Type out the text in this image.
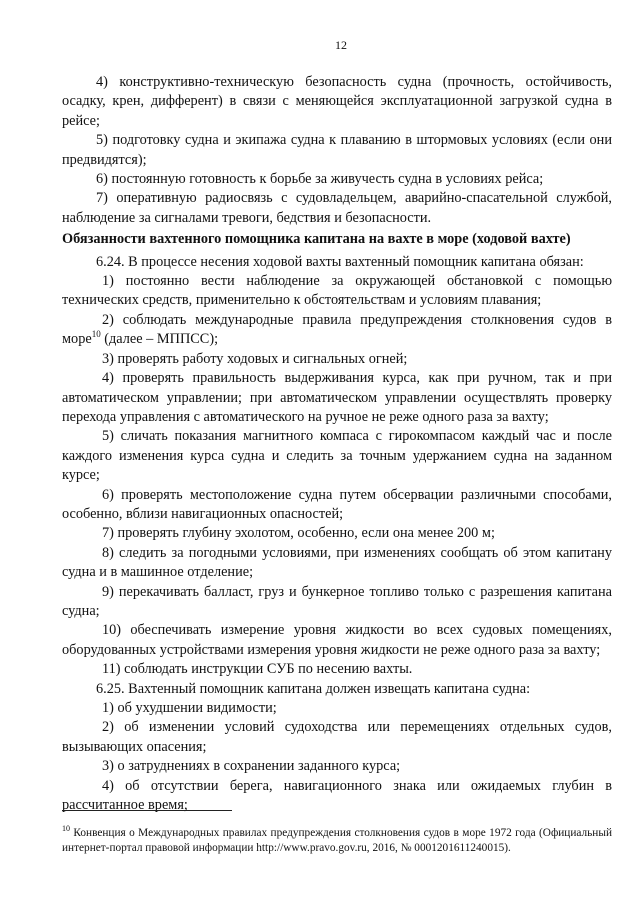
12

4) конструктивно-техническую безопасность судна (прочность, остойчивость, осадку, крен, дифферент) в связи с меняющейся эксплуатационной загрузкой судна в рейсе;

5) подготовку судна и экипажа судна к плаванию в штормовых условиях (если они предвидятся);

6) постоянную готовность к борьбе за живучесть судна в условиях рейса;

7) оперативную радиосвязь с судовладельцем, аварийно-спасательной службой, наблюдение за сигналами тревоги, бедствия и безопасности.

Обязанности вахтенного помощника капитана на вахте в море (ходовой вахте)

6.24. В процессе несения ходовой вахты вахтенный помощник капитана обязан:

1) постоянно вести наблюдение за окружающей обстановкой с помощью технических средств, применительно к обстоятельствам и условиям плавания;

2) соблюдать международные правила предупреждения столкновения судов в море$^{10}$ (далее – МППСС);

3) проверять работу ходовых и сигнальных огней;

4) проверять правильность выдерживания курса, как при ручном, так и при автоматическом управлении; при автоматическом управлении осуществлять проверку перехода управления с автоматического на ручное не реже одного раза за вахту;

5) сличать показания магнитного компаса с гирокомпасом каждый час и после каждого изменения курса судна и следить за точным удержанием судна на заданном курсе;

6) проверять местоположение судна путем обсервации различными способами, особенно, вблизи навигационных опасностей;

7) проверять глубину эхолотом, особенно, если она менее 200 м;

8) следить за погодными условиями, при изменениях сообщать об этом капитану судна и в машинное отделение;

9) перекачивать балласт, груз и бункерное топливо только с разрешения капитана судна;

10) обеспечивать измерение уровня жидкости во всех судовых помещениях, оборудованных устройствами измерения уровня жидкости не реже одного раза за вахту;

11) соблюдать инструкции СУБ по несению вахты.

6.25. Вахтенный помощник капитана должен извещать капитана судна:

1) об ухудшении видимости;

2) об изменении условий судоходства или перемещениях отдельных судов, вызывающих опасения;

3) о затруднениях в сохранении заданного курса;

4) об отсутствии берега, навигационного знака или ожидаемых глубин в рассчитанное время;

$^{10}$ Конвенция о Международных правилах предупреждения столкновения судов в море 1972 года (Официальный интернет-портал правовой информации http://www.pravo.gov.ru, 2016, № 0001201611240015).
